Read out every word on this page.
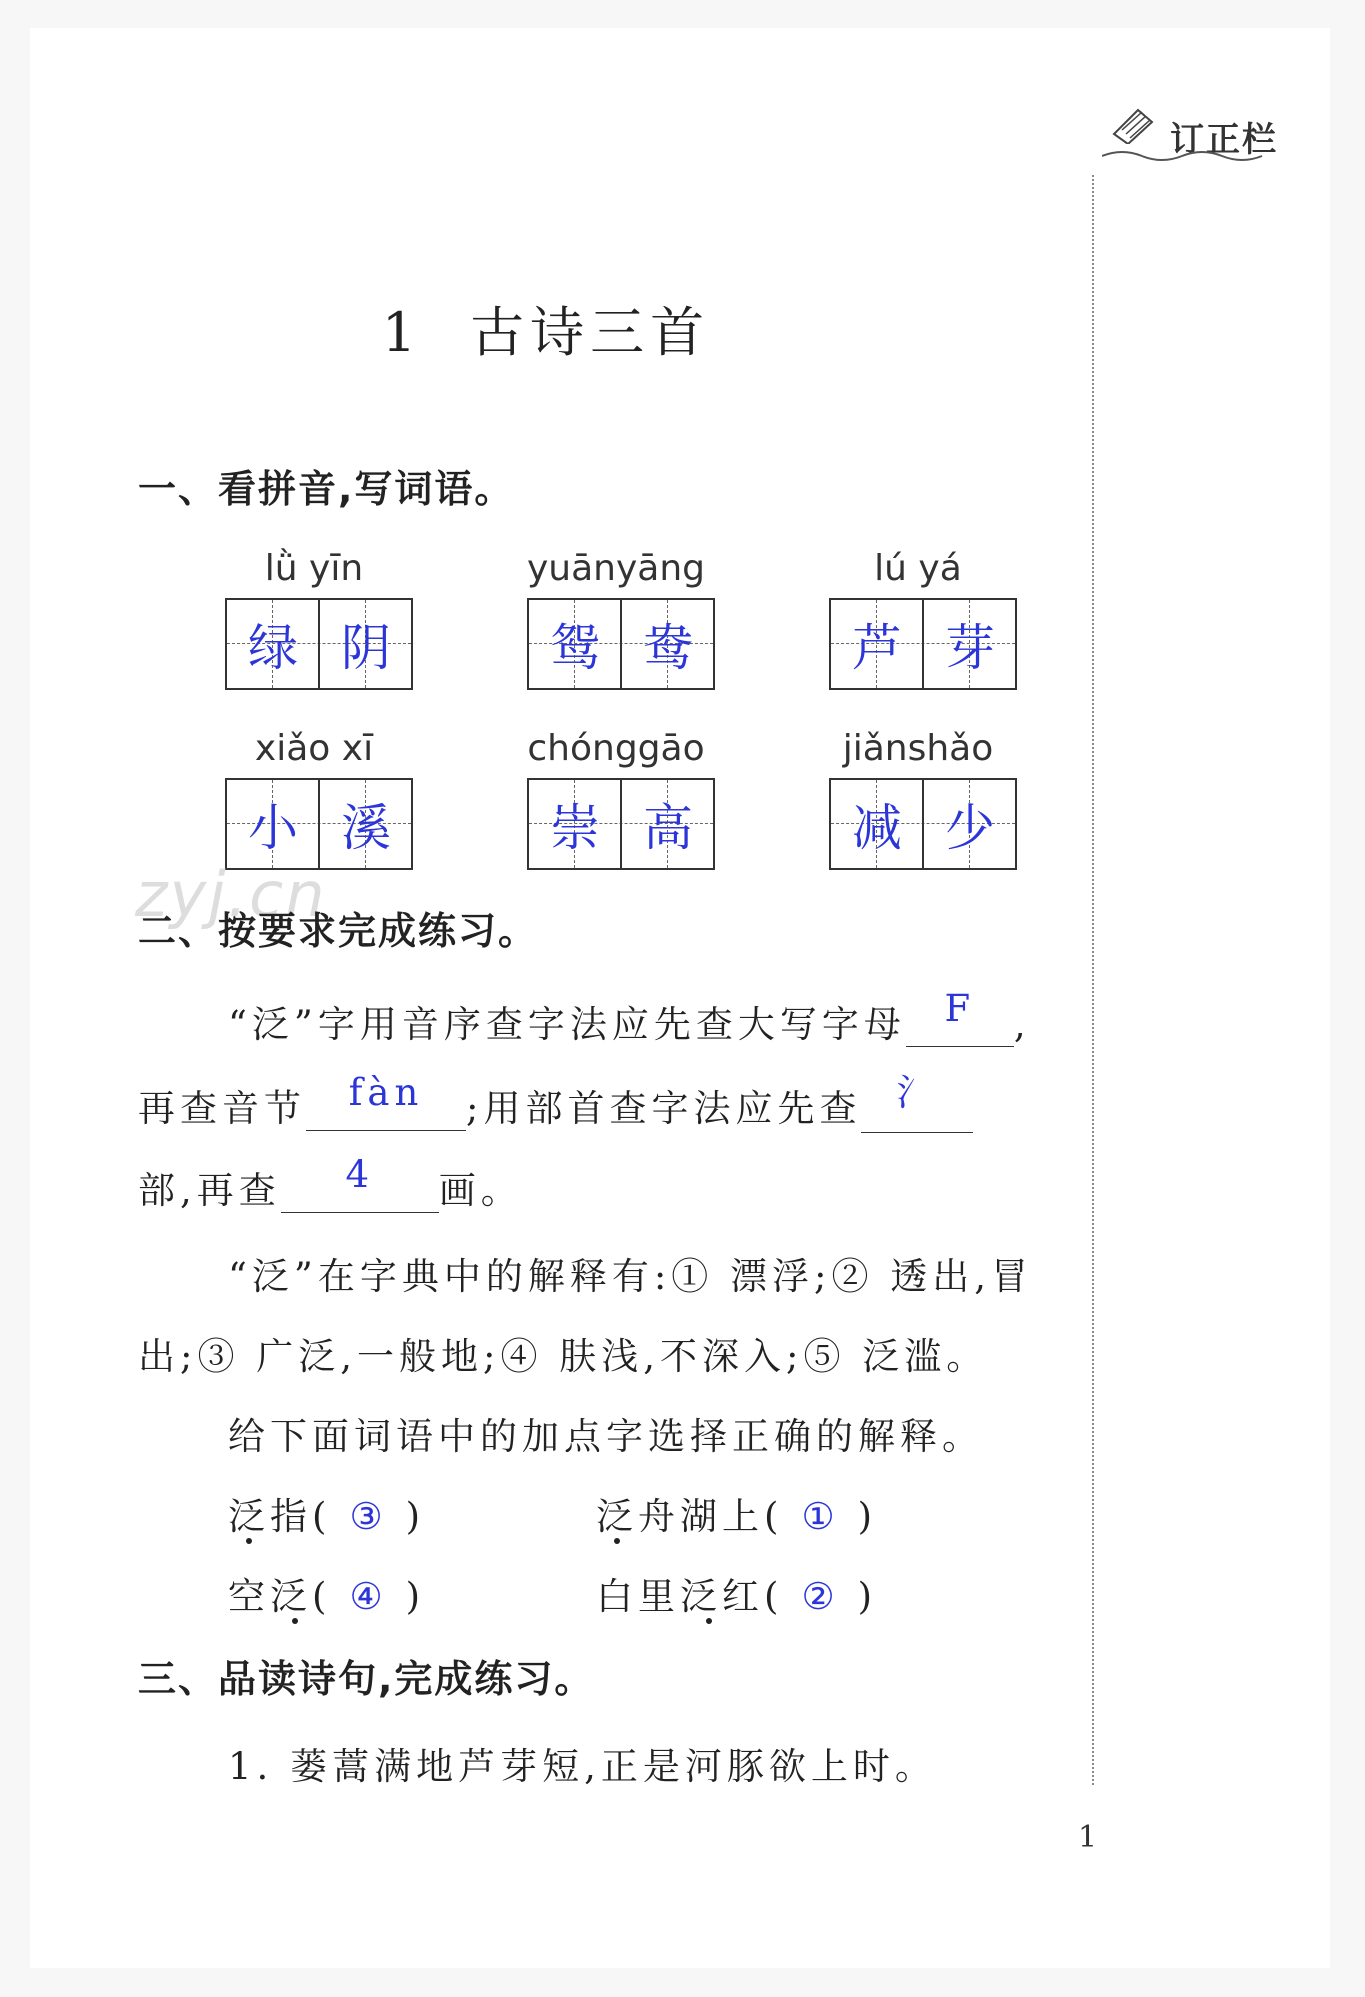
订正栏
1 古诗三首
一、看拼音,写词语。
lǜ yīn
绿 阴
yuānyāng
鸳 鸯
lú yá
芦 芽
xiǎo xī
小 溪
chónggāo
崇 高
jiǎnshǎo
减 少
zyj.cn
二、按要求完成练习。
“泛”字用音序查字法应先查大写字母 F ,
再查音节 fàn ;用部首查字法应先查 氵
部,再查 4 画。
“泛”在字典中的解释有:① 漂浮;② 透出,冒
出;③ 广泛,一般地;④ 肤浅,不深入;⑤ 泛滥。
给下面词语中的加点字选择正确的解释。
泛指( ③ )	泛舟湖上( ① )
空泛( ④ )	白里泛红( ② )
三、品读诗句,完成练习。
1. 蒌蒿满地芦芽短,正是河豚欲上时。
1
